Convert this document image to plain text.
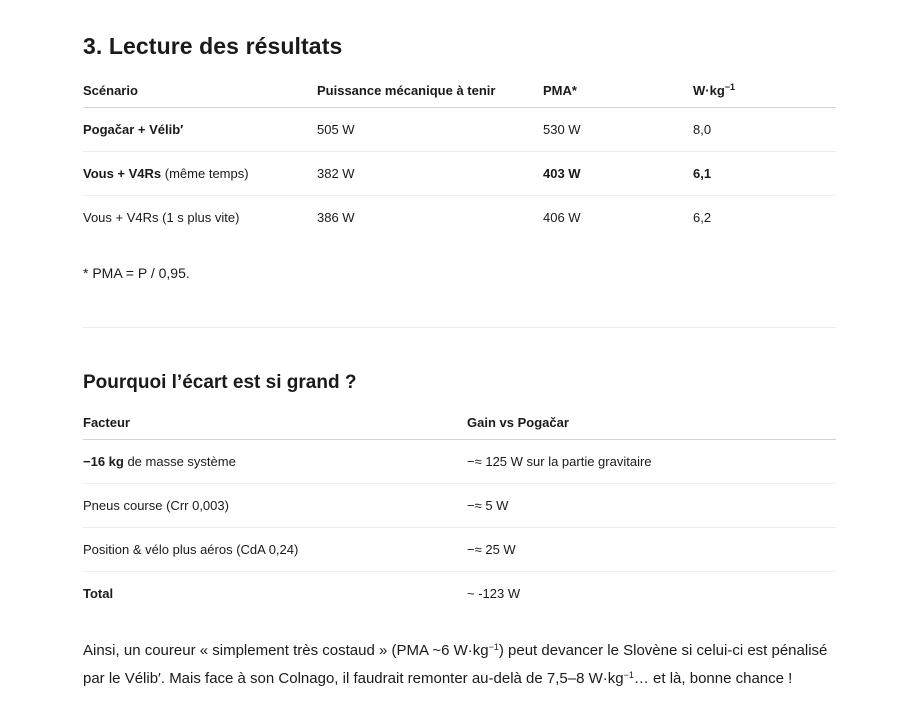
3. Lecture des résultats
Scénario	Puissance mécanique à tenir	PMA*	$W\cdot kg^{-1}$
Pogačar + Vélib′	505 W	530 W	8,0
Vous + V4Rs (même temps)	382 W	403 W	6,1
Vous + V4Rs (1 s plus vite)	386 W	406 W	6,2

* PMA = P / 0,95.

Pourquoi l’écart est si grand ?
Facteur	Gain vs Pogačar
−16 kg de masse système	−≈ 125 W sur la partie gravitaire
Pneus course (Crr 0,003)	−≈ 5 W
Position & vélo plus aéros (CdA 0,24)	−≈ 25 W
Total	~ -123 W

Ainsi, un coureur « simplement très costaud » (PMA ~6 $W\cdot kg^{-1}$) peut devancer le Slovène si celui-ci est pénalisé par le Vélib′. Mais face à son Colnago, il faudrait remonter au-delà de 7,5–8 $W\cdot kg^{-1}\dots$ et là, bonne chance !
